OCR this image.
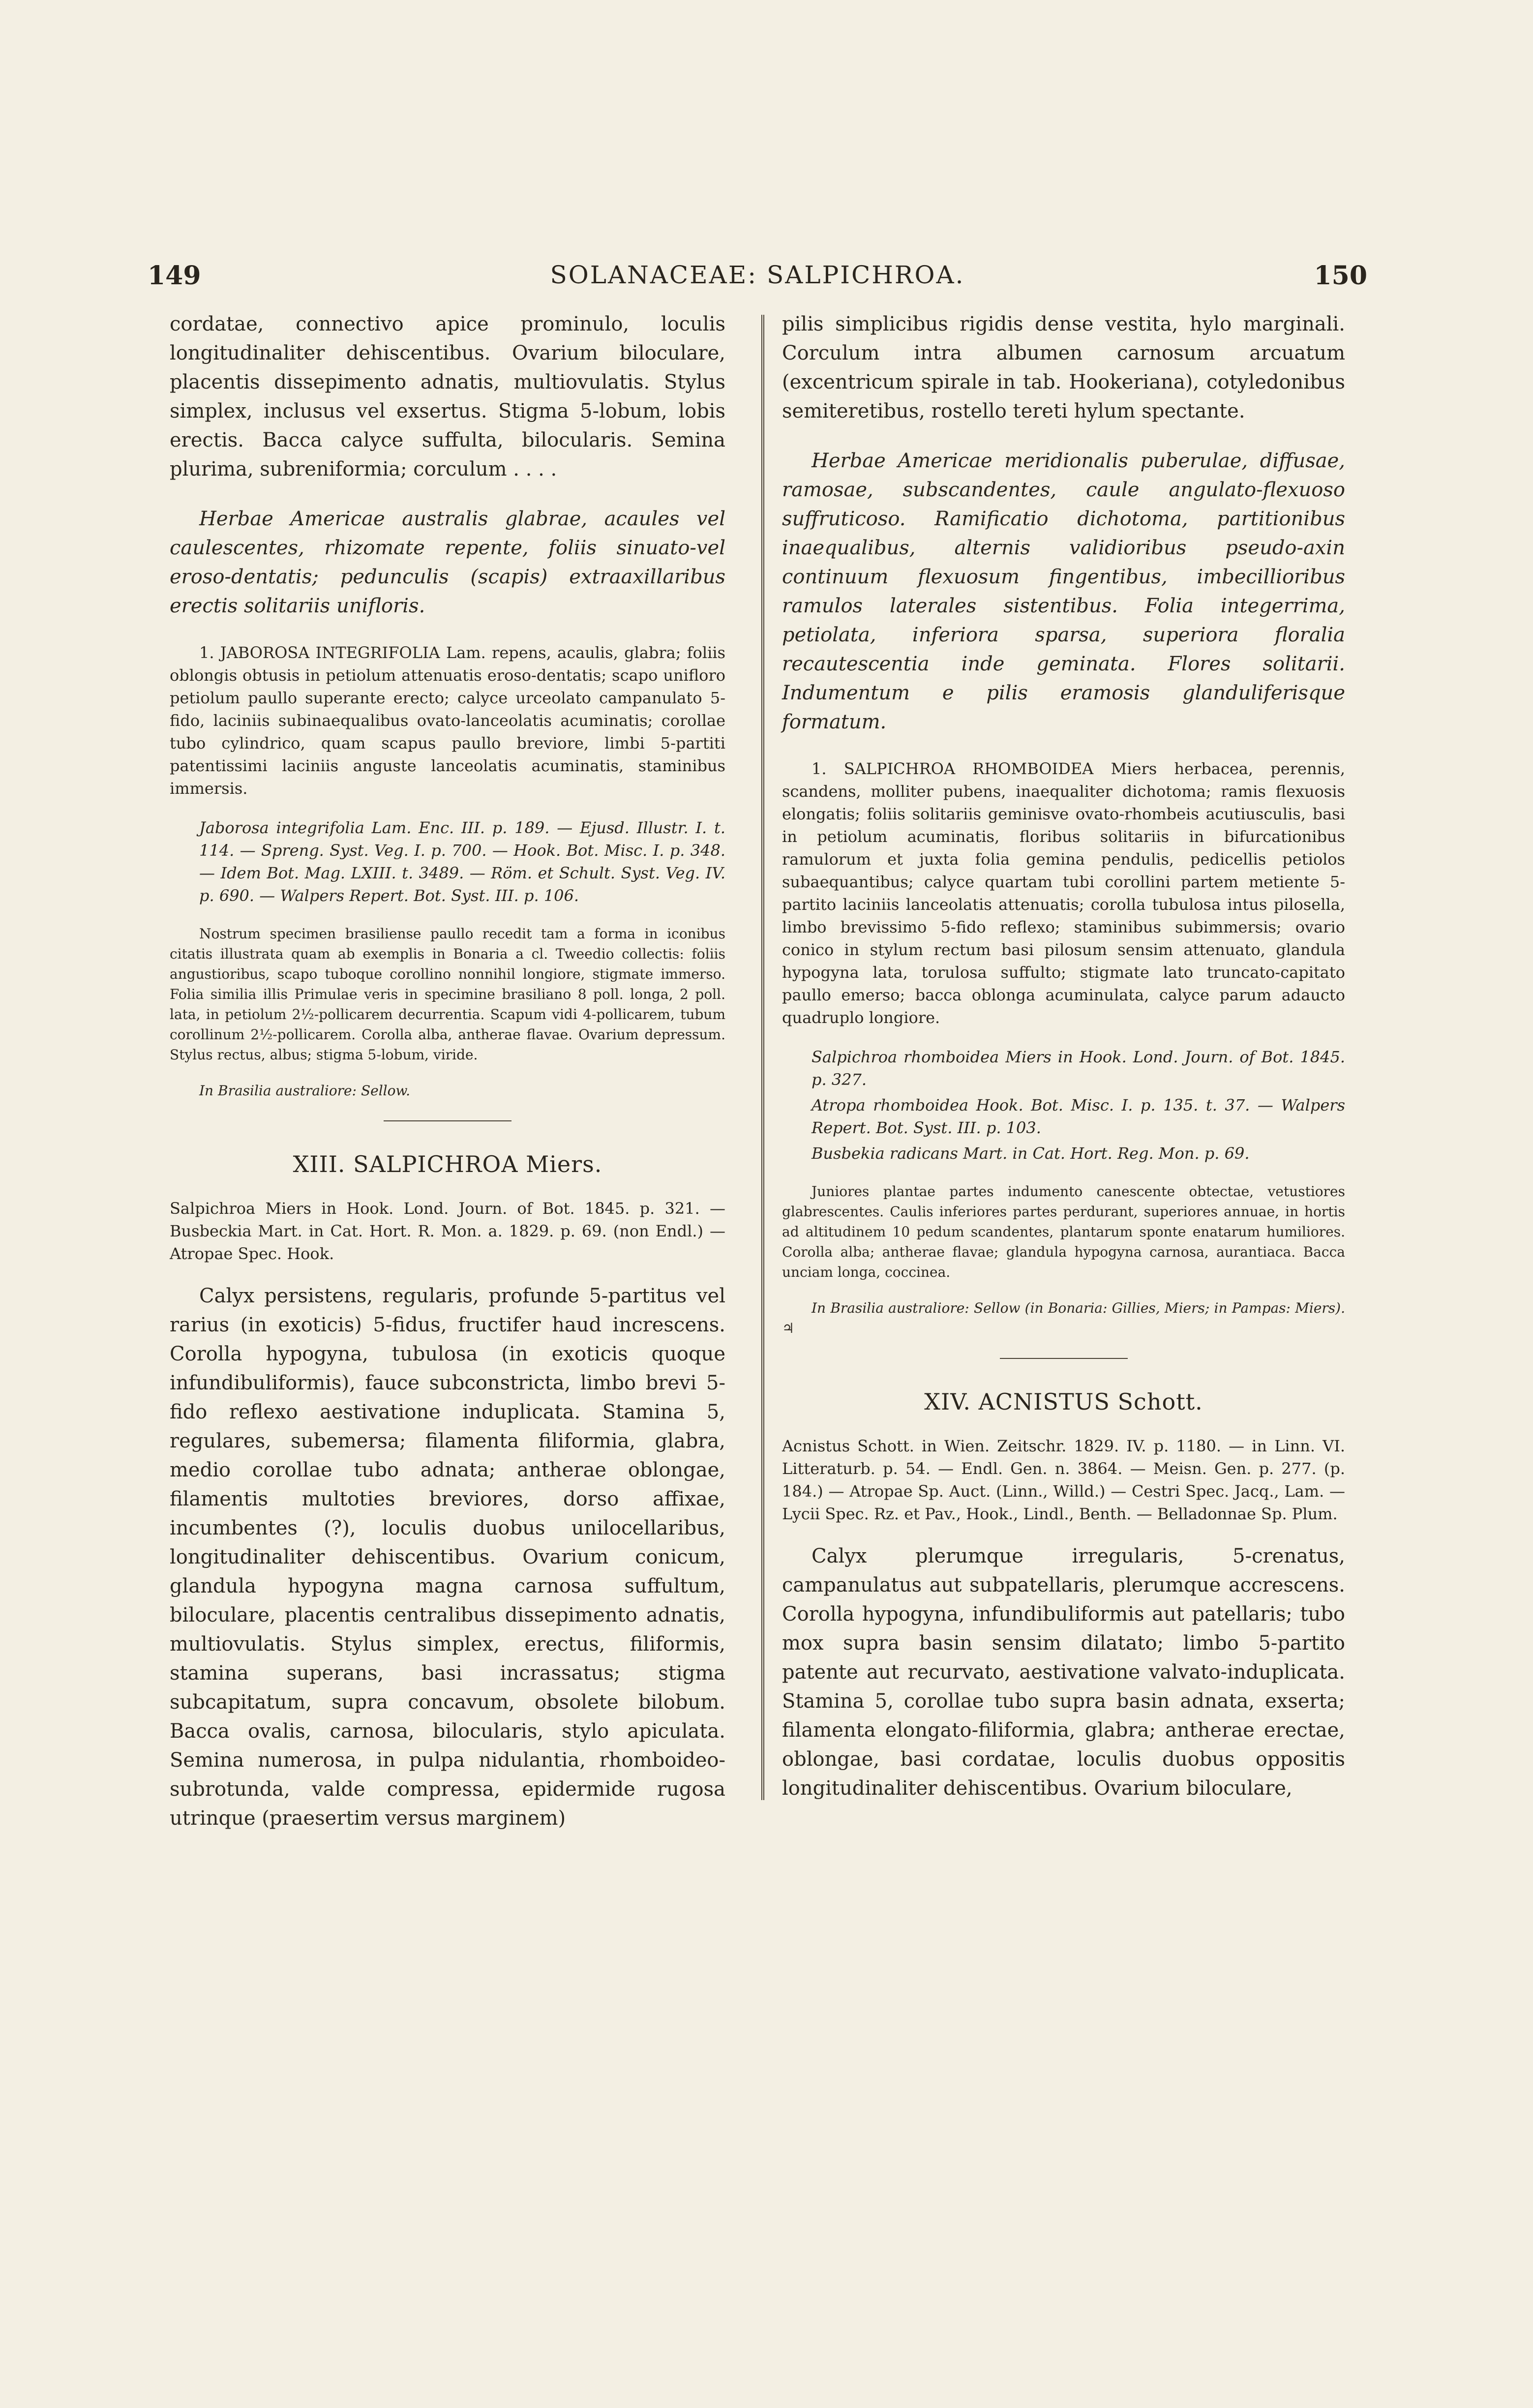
149	SOLANACEAE: SALPICHROA.	150

cordatae, connectivo apice prominulo, loculis longitudinaliter dehiscentibus. Ovarium biloculare, placentis dissepimento adnatis, multiovulatis. Stylus simplex, inclusus vel exsertus. Stigma 5-lobum, lobis erectis. Bacca calyce suffulta, bilocularis. Semina plurima, subreniformia; corculum . . . .

Herbae Americae australis glabrae, acaules vel caulescentes, rhizomate repente, foliis sinuato-vel eroso-dentatis; pedunculis (scapis) extraaxillaribus erectis solitariis unifloris.

1. JABOROSA INTEGRIFOLIA Lam. repens, acaulis, glabra; foliis oblongis obtusis in petiolum attenuatis eroso-dentatis; scapo unifloro petiolum paullo superante erecto; calyce urceolato campanulato 5-fido, laciniis subinaequalibus ovato-lanceolatis acuminatis; corollae tubo cylindrico, quam scapus paullo breviore, limbi 5-partiti patentissimi laciniis anguste lanceolatis acuminatis, staminibus immersis.

Jaborosa integrifolia Lam. Enc. III. p. 189. — Ejusd. Illustr. I. t. 114. — Spreng. Syst. Veg. I. p. 700. — Hook. Bot. Misc. I. p. 348. — Idem Bot. Mag. LXIII. t. 3489. — Röm. et Schult. Syst. Veg. IV. p. 690. — Walpers Repert. Bot. Syst. III. p. 106.

Nostrum specimen brasiliense paullo recedit tam a forma in iconibus citatis illustrata quam ab exemplis in Bonaria a cl. Tweedio collectis: foliis angustioribus, scapo tuboque corollino nonnihil longiore, stigmate immerso. Folia similia illis Primulae veris in specimine brasiliano 8 poll. longa, 2 poll. lata, in petiolum 2½-pollicarem decurrentia. Scapum vidi 4-pollicarem, tubum corollinum 2½-pollicarem. Corolla alba, antherae flavae. Ovarium depressum. Stylus rectus, albus; stigma 5-lobum, viride.

In Brasilia australiore: Sellow.

XIII. SALPICHROA Miers.

Salpichroa Miers in Hook. Lond. Journ. of Bot. 1845. p. 321. — Busbeckia Mart. in Cat. Hort. R. Mon. a. 1829. p. 69. (non Endl.) — Atropae Spec. Hook.

Calyx persistens, regularis, profunde 5-partitus vel rarius (in exoticis) 5-fidus, fructifer haud increscens. Corolla hypogyna, tubulosa (in exoticis quoque infundibuliformis), fauce subconstricta, limbo brevi 5-fido reflexo aestivatione induplicata. Stamina 5, regulares, subemersa; filamenta filiformia, glabra, medio corollae tubo adnata; antherae oblongae, filamentis multoties breviores, dorso affixae, incumbentes (?), loculis duobus unilocellaribus, longitudinaliter dehiscentibus. Ovarium conicum, glandula hypogyna magna carnosa suffultum, biloculare, placentis centralibus dissepimento adnatis, multiovulatis. Stylus simplex, erectus, filiformis, stamina superans, basi incrassatus; stigma subcapitatum, supra concavum, obsolete bilobum. Bacca ovalis, carnosa, bilocularis, stylo apiculata. Semina numerosa, in pulpa nidulantia, rhomboideo-subrotunda, valde compressa, epidermide rugosa utrinque (praesertim versus marginem)

pilis simplicibus rigidis dense vestita, hylo marginali. Corculum intra albumen carnosum arcuatum (excentricum spirale in tab. Hookeriana), cotyledonibus semiteretibus, rostello tereti hylum spectante.

Herbae Americae meridionalis puberulae, diffusae, ramosae, subscandentes, caule angulato-flexuoso suffruticoso. Ramificatio dichotoma, partitionibus inaequalibus, alternis validioribus pseudo-axin continuum flexuosum fingentibus, imbecillioribus ramulos laterales sistentibus. Folia integerrima, petiolata, inferiora sparsa, superiora floralia recautescentia inde geminata. Flores solitarii. Indumentum e pilis eramosis glanduliferisque formatum.

1. SALPICHROA RHOMBOIDEA Miers herbacea, perennis, scandens, molliter pubens, inaequaliter dichotoma; ramis flexuosis elongatis; foliis solitariis geminisve ovato-rhombeis acutiusculis, basi in petiolum acuminatis, floribus solitariis in bifurcationibus ramulorum et juxta folia gemina pendulis, pedicellis petiolos subaequantibus; calyce quartam tubi corollini partem metiente 5-partito laciniis lanceolatis attenuatis; corolla tubulosa intus pilosella, limbo brevissimo 5-fido reflexo; staminibus subimmersis; ovario conico in stylum rectum basi pilosum sensim attenuato, glandula hypogyna lata, torulosa suffulto; stigmate lato truncato-capitato paullo emerso; bacca oblonga acuminulata, calyce parum adaucto quadruplo longiore.

Salpichroa rhomboidea Miers in Hook. Lond. Journ. of Bot. 1845. p. 327.

Atropa rhomboidea Hook. Bot. Misc. I. p. 135. t. 37. — Walpers Repert. Bot. Syst. III. p. 103.

Busbekia radicans Mart. in Cat. Hort. Reg. Mon. p. 69.

Juniores plantae partes indumento canescente obtectae, vetustiores glabrescentes. Caulis inferiores partes perdurant, superiores annuae, in hortis ad altitudinem 10 pedum scandentes, plantarum sponte enatarum humiliores. Corolla alba; antherae flavae; glandula hypogyna carnosa, aurantiaca. Bacca unciam longa, coccinea.

In Brasilia australiore: Sellow (in Bonaria: Gillies, Miers; in Pampas: Miers). ♃

XIV. ACNISTUS Schott.

Acnistus Schott. in Wien. Zeitschr. 1829. IV. p. 1180. — in Linn. VI. Litteraturb. p. 54. — Endl. Gen. n. 3864. — Meisn. Gen. p. 277. (p. 184.) — Atropae Sp. Auct. (Linn., Willd.) — Cestri Spec. Jacq., Lam. — Lycii Spec. Rz. et Pav., Hook., Lindl., Benth. — Belladonnae Sp. Plum.

Calyx plerumque irregularis, 5-crenatus, campanulatus aut subpatellaris, plerumque accrescens. Corolla hypogyna, infundibuliformis aut patellaris; tubo mox supra basin sensim dilatato; limbo 5-partito patente aut recurvato, aestivatione valvato-induplicata. Stamina 5, corollae tubo supra basin adnata, exserta; filamenta elongato-filiformia, glabra; antherae erectae, oblongae, basi cordatae, loculis duobus oppositis longitudinaliter dehiscentibus. Ovarium biloculare,
